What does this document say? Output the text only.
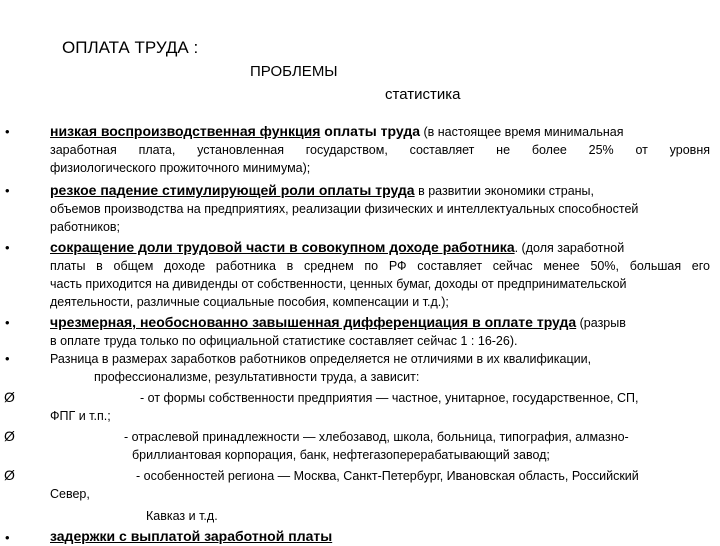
ОПЛАТА ТРУДА :
ПРОБЛЕМЫ
статистика
•	низкая воспроизводственная функция оплаты труда (в настоящее время минимальная
заработная плата, установленная государством, составляет не более 25% от уровня
физиологического прожиточного минимума);
•	резкое падение стимулирующей роли оплаты труда в развитии экономики страны,
объемов производства на предприятиях, реализации физических и интеллектуальных способностей
работников;
•	сокращение доли трудовой части в совокупном доходе работника. (доля заработной
платы в общем доходе работника в среднем по РФ составляет сейчас менее 50%, большая его
часть приходится на дивиденды от собственности, ценных бумаг, доходы от предпринимательской
деятельности, различные социальные пособия, компенсации и т.д.);
•	чрезмерная, необоснованно завышенная дифференциация в оплате труда (разрыв
в оплате труда только по официальной статистике составляет сейчас 1 : 16-26).
•	Разница в размерах заработков работников определяется не отличиями в их квалификации,
профессионализме, результативности труда, а зависит:
Ø	- от формы собственности предприятия — частное, унитарное, государственное, СП,
ФПГ и т.п.;
Ø	- отраслевой принадлежности — хлебозавод, школа, больница, типография, алмазно-
бриллиантовая корпорация, банк, нефтегазоперерабатывающий завод;
Ø	- особенностей региона — Москва, Санкт-Петербург, Ивановская область, Российский
Север,
Кавказ и т.д.
•	задержки с выплатой заработной платы
